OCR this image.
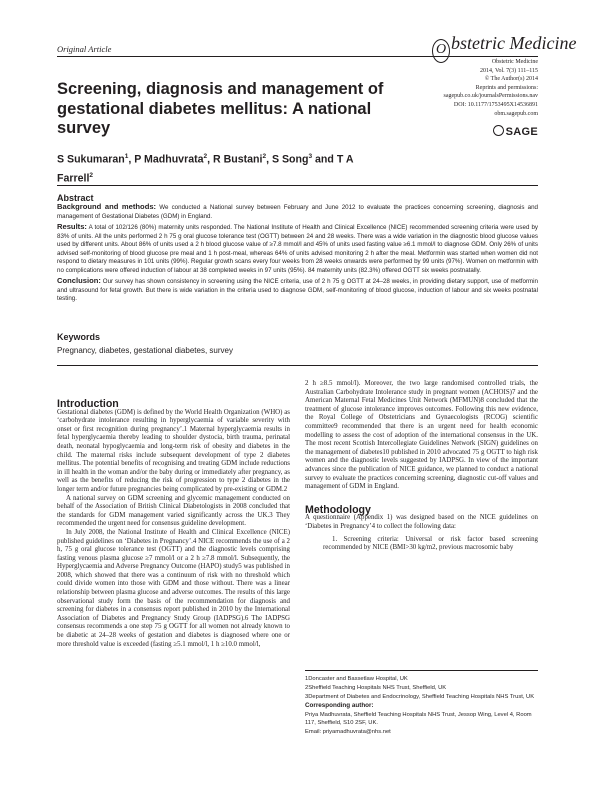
Original Article	O bstetric Medicine
Obstetric Medicine
2014, Vol. 7(3) 111–115
© The Author(s) 2014
Reprints and permissions:
sagepub.co.uk/journalsPermissions.nav
DOI: 10.1177/1753495X14536891
obm.sagepub.com
SAGE
Screening, diagnosis and management of gestational diabetes mellitus: A national survey
S Sukumaran$^1$, P Madhuvrata$^2$, R Bustani$^2$, S Song$^3$ and T A Farrell$^2$

Abstract

Background and methods: We conducted a National survey between February and June 2012 to evaluate the practices concerning screening, diagnosis and management of Gestational Diabetes (GDM) in England.

Results: A total of 102/126 (80%) maternity units responded. The National Institute of Health and Clinical Excellence (NICE) recommended screening criteria were used by 83% of units. All the units performed 2 h 75 g oral glucose tolerance test (OGTT) between 24 and 28 weeks. There was a wide variation in the diagnostic blood glucose values used by different units. About 86% of units used a 2 h blood glucose value of ≥7.8 mmol/l and 45% of units used fasting value ≥6.1 mmol/l to diagnose GDM. Only 26% of units advised self-monitoring of blood glucose pre meal and 1 h post-meal, whereas 64% of units advised monitoring 2 h after the meal. Metformin was started when women did not respond to dietary measures in 101 units (99%). Regular growth scans every four weeks from 28 weeks onwards were performed by 99 units (97%). Women on metformin with no complications were offered induction of labour at 38 completed weeks in 97 units (95%). 84 maternity units (82.3%) offered OGTT six weeks postnatally.

Conclusion: Our survey has shown consistency in screening using the NICE criteria, use of 2 h 75 g OGTT at 24–28 weeks, in providing dietary support, use of metformin and ultrasound for fetal growth. But there is wide variation in the criteria used to diagnose GDM, self-monitoring of blood glucose, induction of labour and six weeks postnatal testing.

Keywords
Pregnancy, diabetes, gestational diabetes, survey

Introduction

Gestational diabetes (GDM) is defined by the World Health Organization (WHO) as ‘carbohydrate intolerance resulting in hyperglycaemia of variable severity with onset or first recognition during pregnancy’.1 Maternal hyperglycaemia results in fetal hyperglycaemia thereby leading to shoulder dystocia, birth trauma, perinatal death, neonatal hypoglycaemia and long-term risk of obesity and diabetes in the child. The maternal risks include subsequent development of type 2 diabetes mellitus. The potential benefits of recognising and treating GDM include reductions in ill health in the woman and/or the baby during or immediately after pregnancy, as well as the benefits of reducing the risk of progression to type 2 diabetes in the longer term and/or future pregnancies being complicated by pre-existing or GDM.2

A national survey on GDM screening and glycemic management conducted on behalf of the Association of British Clinical Diabetologists in 2008 concluded that the standards for GDM management varied significantly across the UK.3 They recommended the urgent need for consensus guideline development.

In July 2008, the National Institute of Health and Clinical Excellence (NICE) published guidelines on ‘Diabetes in Pregnancy’.4 NICE recommends the use of a 2 h, 75 g oral glucose tolerance test (OGTT) and the diagnostic levels comprising fasting venous plasma glucose ≥7 mmol/l or a 2 h ≥7.8 mmol/l. Subsequently, the Hyperglycaemia and Adverse Pregnancy Outcome (HAPO) study5 was published in 2008, which showed that there was a continuum of risk with no threshold which could divide women into those with GDM and those without. There was a linear relationship between plasma glucose and adverse outcomes. The results of this large observational study form the basis of the recommendation for diagnosis and screening for diabetes in a consensus report published in 2010 by the International Association of Diabetes and Pregnancy Study Group (IADPSG).6 The IADPSG consensus recommends a one step 75 g OGTT for all women not already known to be diabetic at 24–28 weeks of gestation and diabetes is diagnosed where one or more threshold value is exceeded (fasting ≥5.1 mmol/l, 1 h ≥10.0 mmol/l,

2 h ≥8.5 mmol/l). Moreover, the two large randomised controlled trials, the Australian Carbohydrate Intolerance study in pregnant women (ACHOIS)7 and the American Maternal Fetal Medicines Unit Network (MFMUN)8 concluded that the treatment of glucose intolerance improves outcomes. Following this new evidence, the Royal College of Obstetricians and Gynaecologists (RCOG) scientific committee9 recommended that there is an urgent need for health economic modelling to assess the cost of adoption of the international consensus in the UK. The most recent Scottish Intercollegiate Guidelines Network (SIGN) guidelines on the management of diabetes10 published in 2010 advocated 75 g OGTT to high risk women and the diagnostic levels suggested by IADPSG. In view of the important advances since the publication of NICE guidance, we planned to conduct a national survey to evaluate the practices concerning screening, diagnostic cut-off values and management of GDM in England.

Methodology

A questionnaire (Appendix 1) was designed based on the NICE guidelines on ‘Diabetes in Pregnancy’4 to collect the following data:

1. Screening criteria: Universal or risk factor based screening recommended by NICE (BMI>30 kg/m2, previous macrosomic baby

1Doncaster and Bassetlaw Hospital, UK

2Sheffield Teaching Hospitals NHS Trust, Sheffield, UK

3Department of Diabetes and Endocrinology, Sheffield Teaching Hospitals NHS Trust, UK

Corresponding author:

Priya Madhuvrata, Sheffield Teaching Hospitals NHS Trust, Jessop Wing, Level 4, Room 117, Sheffield, S10 2SF, UK.

Email: priyamadhuvrata@nhs.net
